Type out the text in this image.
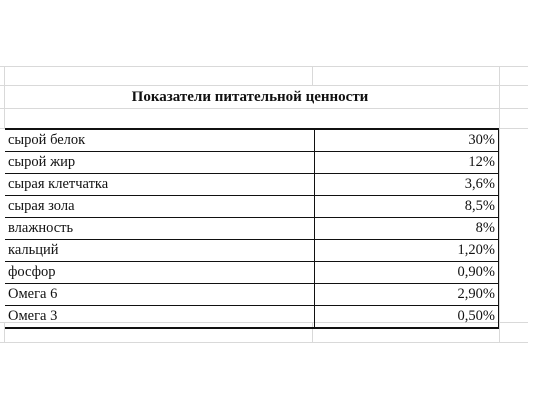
Показатели питательной ценности
сырой белок	30%
сырой жир	12%
сырая клетчатка	3,6%
сырая зола	8,5%
влажность	8%
кальций	1,20%
фосфор	0,90%
Омега 6	2,90%
Омега 3	0,50%
